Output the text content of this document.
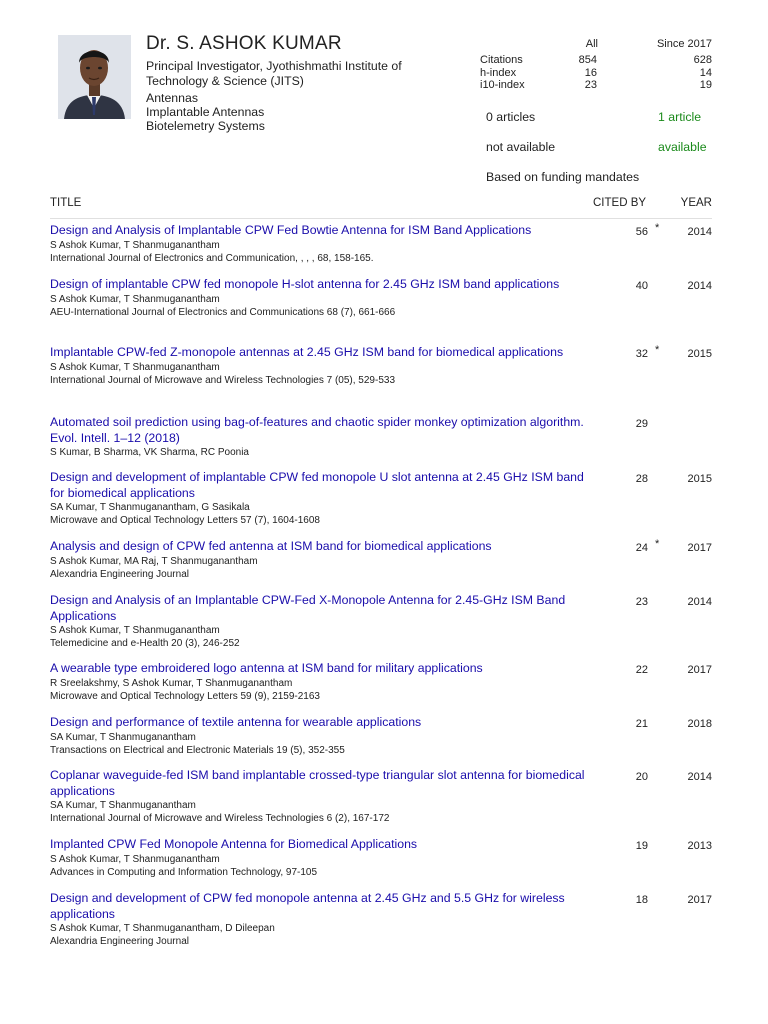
Dr. S. ASHOK KUMAR
Principal Investigator, Jyothishmathi Institute of Technology & Science (JITS)
Antennas
Implantable Antennas
Biotelemetry Systems
All	Since 2017
Citations	854	628
h-index	16	14
i10-index	23	19
0 articles	1 article
not available	available
Based on funding mandates
TITLE	CITED BY	YEAR
Design and Analysis of Implantable CPW Fed Bowtie Antenna for ISM Band Applications
S Ashok Kumar, T Shanmuganantham
International Journal of Electronics and Communication, , , , 68, 158-165.
56 *	2014
Design of implantable CPW fed monopole H-slot antenna for 2.45 GHz ISM band applications
S Ashok Kumar, T Shanmuganantham
AEU-International Journal of Electronics and Communications 68 (7), 661-666
40	2014
Implantable CPW-fed Z-monopole antennas at 2.45 GHz ISM band for biomedical applications
S Ashok Kumar, T Shanmuganantham
International Journal of Microwave and Wireless Technologies 7 (05), 529-533
32 *	2015
Automated soil prediction using bag-of-features and chaotic spider monkey optimization algorithm. Evol. Intell. 1–12 (2018)
S Kumar, B Sharma, VK Sharma, RC Poonia
29
Design and development of implantable CPW fed monopole U slot antenna at 2.45 GHz ISM band for biomedical applications
SA Kumar, T Shanmuganantham, G Sasikala
Microwave and Optical Technology Letters 57 (7), 1604-1608
28	2015
Analysis and design of CPW fed antenna at ISM band for biomedical applications
S Ashok Kumar, MA Raj, T Shanmuganantham
Alexandria Engineering Journal
24 *	2017
Design and Analysis of an Implantable CPW-Fed X-Monopole Antenna for 2.45-GHz ISM Band Applications
S Ashok Kumar, T Shanmuganantham
Telemedicine and e-Health 20 (3), 246-252
23	2014
A wearable type embroidered logo antenna at ISM band for military applications
R Sreelakshmy, S Ashok Kumar, T Shanmuganantham
Microwave and Optical Technology Letters 59 (9), 2159-2163
22	2017
Design and performance of textile antenna for wearable applications
SA Kumar, T Shanmuganantham
Transactions on Electrical and Electronic Materials 19 (5), 352-355
21	2018
Coplanar waveguide-fed ISM band implantable crossed-type triangular slot antenna for biomedical applications
SA Kumar, T Shanmuganantham
International Journal of Microwave and Wireless Technologies 6 (2), 167-172
20	2014
Implanted CPW Fed Monopole Antenna for Biomedical Applications
S Ashok Kumar, T Shanmuganantham
Advances in Computing and Information Technology, 97-105
19	2013
Design and development of CPW fed monopole antenna at 2.45 GHz and 5.5 GHz for wireless applications
S Ashok Kumar, T Shanmuganantham, D Dileepan
Alexandria Engineering Journal
18	2017
